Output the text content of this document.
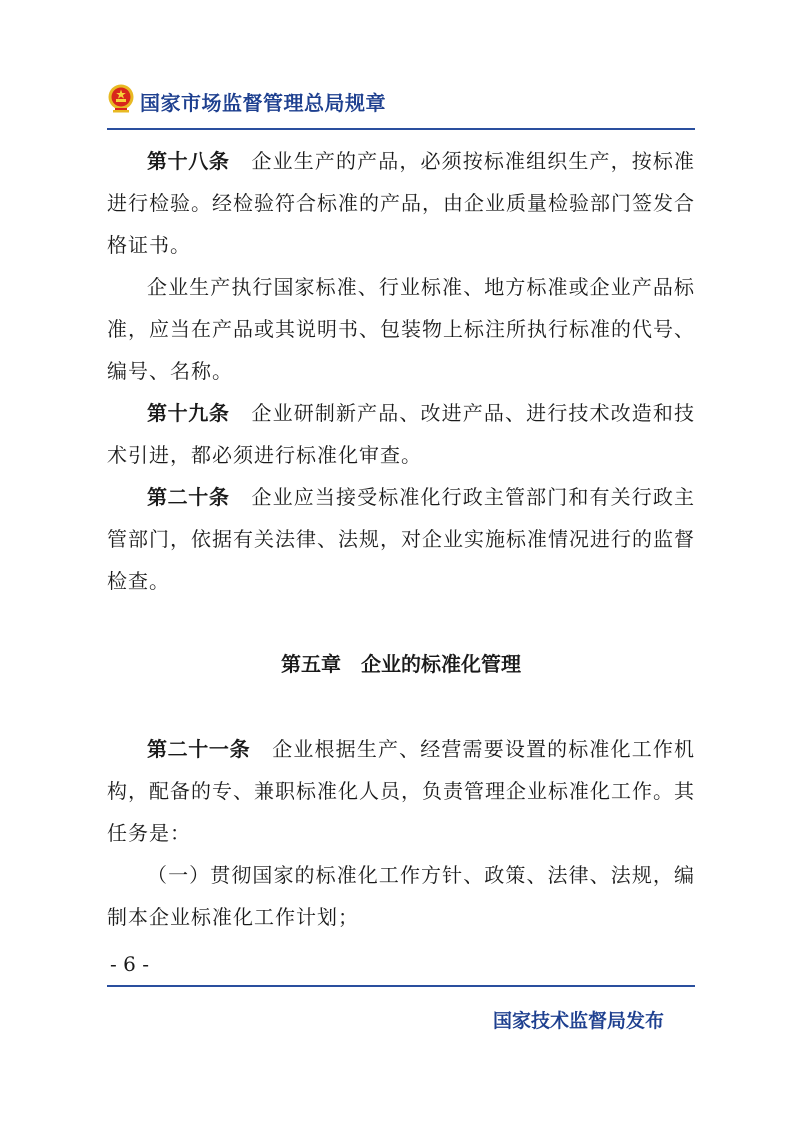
国家市场监督管理总局规章

第十八条 企业生产的产品，必须按标准组织生产，按标准进行检验。经检验符合标准的产品，由企业质量检验部门签发合格证书。

企业生产执行国家标准、行业标准、地方标准或企业产品标准，应当在产品或其说明书、包装物上标注所执行标准的代号、编号、名称。

第十九条 企业研制新产品、改进产品、进行技术改造和技术引进，都必须进行标准化审查。

第二十条 企业应当接受标准化行政主管部门和有关行政主管部门，依据有关法律、法规，对企业实施标准情况进行的监督检查。

第五章　企业的标准化管理

第二十一条 企业根据生产、经营需要设置的标准化工作机构，配备的专、兼职标准化人员，负责管理企业标准化工作。其任务是：

（一）贯彻国家的标准化工作方针、政策、法律、法规，编制本企业标准化工作计划；

- 6 -
国家技术监督局发布
